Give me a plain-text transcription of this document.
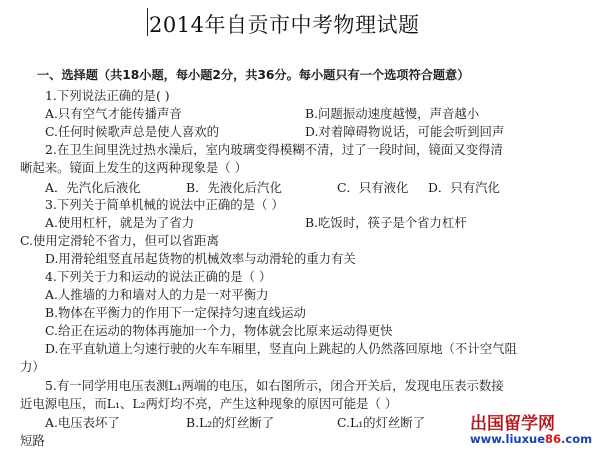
2014年自贡市中考物理试题
一、选择题（共18小题，每小题2分，共36分。每小题只有一个选项符合题意）
1.下列说法正确的是( )
A.只有空气才能传播声音	B.问题振动速度越慢，声音越小
C.任何时候歌声总是使人喜欢的	D.对着障碍物说话，可能会听到回声
2.在卫生间里洗过热水澡后，室内玻璃变得模糊不清，过了一段时间，镜面又变得清
晰起来。镜面上发生的这两种现象是（ ）
A．先汽化后液化	B．先液化后汽化	C．只有液化 D．只有汽化
3.下列关于简单机械的说法中正确的是（ ）
A.使用杠杆，就是为了省力	B.吃饭时，筷子是个省力杠杆
C.使用定滑轮不省力，但可以省距离
D.用滑轮组竖直吊起货物的机械效率与动滑轮的重力有关
4.下列关于力和运动的说法正确的是（ ）
A.人推墙的力和墙对人的力是一对平衡力
B.物体在平衡力的作用下一定保持匀速直线运动
C.给正在运动的物体再施加一个力，物体就会比原来运动得更快
D.在平直轨道上匀速行驶的火车车厢里，竖直向上跳起的人仍然落回原地（不计空气阻
力）
5.有一同学用电压表测L₁两端的电压，如右图所示，闭合开关后，发现电压表示数接
近电源电压，而L₁、L₂两灯均不亮，产生这种现象的原因可能是（ ）
A.电压表坏了	B.L₂的灯丝断了	C.L₁的灯丝断了
短路
出国留学网
www.liuxue86.com
